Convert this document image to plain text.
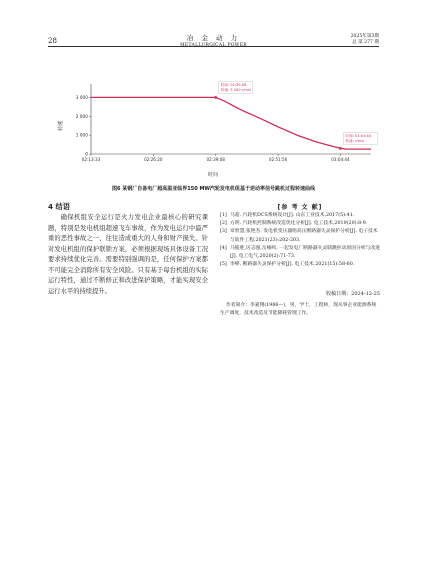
28	冶 金 动 力
METALLURGICAL POWER
2025年第3期
总 第 277 期
3 000
2 000
1 000
0
02:13:33	02:26:20	02:39:08	02:51:56	03:04:44
时间: 02:39:08
转速: 3 000 r/min
时间: 03:04:44
转速: r/min
转速
时间
图6 某钢厂自备电厂超高温亚临界150 MW汽轮发电机组基于逆动率信号跳机过程转速曲线
4 结语

确保机组安全运行是火力发电企业最核心的研究课题，特别是发电机组超速飞车事故，作为发电运行中最严重的恶性事故之一，往往造成重大的人身和财产损失。针对发电机组的保护联锁方案，必须根据现场具体设备工况要求持续优化完善。需要特别强调的是，任何保护方案都不可能完全消除所有安全风险。只有基于每台机组的实际运行特性，通过不断修正和改进保护策略，才能实现安全运行水平的持续提升。

[参 考 文 献]
[1] 马超. 汽轮机DCS系统设计[J]. 山东工业技术,2017(5):41.
[2] 方明. 汽轮机控制系统改造优化分析[J]. 电工技术,2019(20):8-9.
[3] 章智慧,张艳杰. 发电机变压器组高压断路器失灵保护分析[J]. 电子技术与软件工程,2021(23):202-203.
[4] 马揽胜,厉志强,岳峻鸣. 一起发电厂断路器失灵联跳拒动原因分析与改进[J]. 电工电气,2020(2):71-73.
[5] 李峥. 断路器失灵保护分析[J]. 电工技术,2021(15):58-60.
收稿日期：2024-12-25
作者简介：李嘉翔(1986—)，男，学士，工程师，现从事企业能源系统生产调度，技术改造及节能降耗管理工作。
